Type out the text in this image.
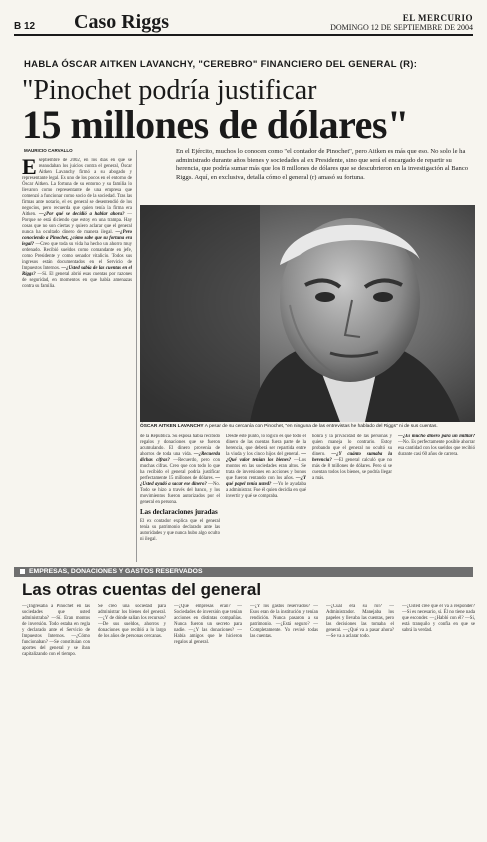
B 12	Caso Riggs	EL MERCURIO
DOMINGO 12 DE SEPTIEMBRE DE 2004
HABLA ÓSCAR AITKEN LAVANCHY, "CEREBRO" FINANCIERO DEL GENERAL (R):
"Pinochet podría justificar
15 millones de dólares"
MAURICIO CARVALLO	En el Ejército, muchos lo conocen como "el contador de Pinochet", pero Aitken es más que eso. No solo le ha administrado durante años bienes y sociedades al ex Presidente, sino que será el encargado de repartir su herencia, que podría sumar más que los 8 millones de dólares que se descubrieron en la investigación al Banco Riggs. Aquí, en exclusiva, detalla cómo el general (r) amasó su fortuna.
E septiembre de 2002, en los días en que se reanudaban los juicios contra el general, Óscar Aitken Lavanchy firmó a su abogado y representante legal. Es uno de los pocos en el entorno de Óscar Aitken. La fortuna de su entorno y su familia lo llevaron como representante de una empresa que comenzó a funcionar como socio de la sociedad. Tras las firmas ante notario, el ex general se desentendió de los negocios, pero recuerda que quien tenía la firma era Aitken. —¿Por qué se decidió a hablar ahora? —Porque se está diciendo que estoy en una trampa. Hay cosas que no son ciertas y quiero aclarar que el general nunca ha ocultado dinero de manera ilegal. —¿Pero conociendo a Pinochet, ¿cómo sabe que su fortuna era legal? —Creo que toda su vida ha hecho un ahorro muy ordenado. Recibió sueldos como comandante en jefe, como Presidente y como senador vitalicio. Todos sus ingresos están documentados en el Servicio de Impuestos Internos. —¿Usted sabía de las cuentas en el Riggs? —Sí. El general abrió esas cuentas por razones de seguridad, en momentos en que había amenazas contra su familia.
ÓSCAR AITKEN LAVANCHY A pesar de su cercanía con Pinochet, "en ninguna de las entrevistas he hablado del Riggs" ni de sus cuentas.
de la República. Su esposa había recibido regalos y donaciones que se fueron acumulando. El dinero provenía de ahorros de toda una vida. —¿Recuerda dichas cifras? —Recuerdo, pero con muchas cifras. Creo que con todo lo que ha recibido el general podría justificar perfectamente 15 millones de dólares. —¿Usted ayudó a sacar ese dinero? —No. Todo se hizo a través del banco, y los movimientos fueron autorizados por el general en persona.
Las declaraciones juradas
El ex contador explica que el general tenía su patrimonio declarado ante las autoridades y que nunca hubo algo oculto ni ilegal.
Desde este punto, lo lógico es que todo el dinero de las cuentas fuera parte de la herencia, que deberá ser repartida entre la viuda y los cinco hijos del general. —¿Qué valor tenían los bienes? —Los montos en las sociedades eran altos. Se trata de inversiones en acciones y bonos que fueron rentando con los años. —¿Y qué papel tenía usted? —Yo le ayudaba a administrar. Fue él quien decidía en qué invertir y qué se compraba.
honra y la privacidad de las personas y quien maneja lo contrario. Estoy probando que el general no ocultó su dinero. —¿Y cuánto sumaba la herencia? —El general calculó que no más de 8 millones de dólares. Pero si se cuentan todos los bienes, se podría llegar a más.
—¿Es mucho dinero para un militar? —No. Es perfectamente posible ahorrar esa cantidad con los sueldos que recibió durante casi 60 años de carrera.
EMPRESAS, DONACIONES Y GASTOS RESERVADOS
Las otras cuentas del general
—¿Ingresaba a Pinochet en las sociedades que usted administraba? —Sí. Eran montos de inversión. Todo estaba en regla y declarado ante el Servicio de Impuestos Internos. —¿Cómo funcionaban? —Se constituían con aportes del general y se iban capitalizando con el tiempo.
Se creó una sociedad para administrar los bienes del general. —¿Y de dónde salían los recursos? —De sus sueldos, ahorros y donaciones que recibió a lo largo de los años de personas cercanas.
—¿Qué empresas eran? —Sociedades de inversión que tenían acciones en distintas compañías. Nunca fueron un secreto para nadie. —¿Y las donaciones? —Había amigos que le hicieron regalos al general.
—¿Y los gastos reservados? —Esos eran de la institución y tenían rendición. Nunca pasaron a su patrimonio. —¿Está seguro? —Completamente. Yo revisé todas las cuentas.
—¿Cuál era su rol? —Administrador. Manejaba los papeles y llevaba las cuentas, pero las decisiones las tomaba el general. —¿Qué va a pasar ahora? —Se va a aclarar todo.
—¿Usted cree que él va a responder? —Si es necesario, sí. Él no tiene nada que esconder. —¿Habló con él? —Sí, está tranquilo y confía en que se sabrá la verdad.
